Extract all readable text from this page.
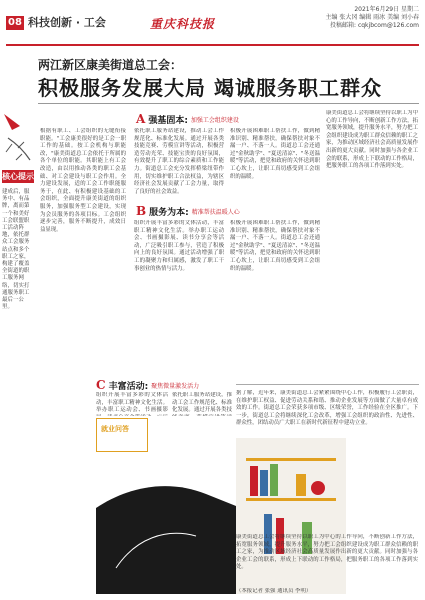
08 科技创新 · 工会	重庆科技报
2021年6月29日 星期二
主编 张大冈 编辑 雨冰 美编 刘小春
投稿邮箱: cqkjbcom@126.com
两江新区康美街道总工会：
积极服务发展大局 竭诚服务职工群众
核心提示
建成后，服务中、有品牌，离而第一个和美好工会联盟职工活动阵地，依托群众工会服务站点和多个职工之家，构建了覆盖全街道的职工服务网络，切实打通服务职工最后一公里。
A 强基固本: 加强工会组织建设
根据有职工、工会组织的无缝衔接职能。"工会康美很好的是工会一职工作的基础。按工会机构与职能改，"康美街道总工会依托于所属的各个单位的职能。其职能上有工会改造，由以用推动各类的职工会基础、对工会建设与职工会作用。全力建设发展，适的工会工作职能服务于，在此、有积极建设基础的工会组织，全面提升康美街道的组织服务，加强服务型工会建设，实现为会员服务的各项目标。工会组织逐步完善，服务不断提升，成效日益显现。
依托职工服务站建设，推动工会工作规范化、标准化发展。通过开展各类技能竞赛、劳模宣讲等活动，积极营造劳动光荣、技能宝贵的良好氛围，有效提升了职工的综合素质和工作能力。街道总工会充分发挥桥梁纽带作用，切实维护职工合法权益，为辖区经济社会发展贡献了工会力量，取得了良好的社会效益。
积极开展困难职工帮扶工作，做到精准识别、精准帮扶，确保帮扶对象不漏一户、不落一人。街道总工会还通过"金秋助学"、"夏送清凉"、"冬送温暖"等活动，把党和政府的关怀送到职工心坎上，让职工真切感受到工会组织的温暖。
B 服务为本: 精准帮扶温暖人心
组织开展丰富多彩的文体活动，丰富职工精神文化生活。举办职工运动会、书画摄影展、读书分享会等活动，广泛吸引职工参与，营造了积极向上的良好氛围。通过活动增强了职工的凝聚力和归属感，激发了职工干事创业的热情与活力。
积极开展困难职工帮扶工作，做到精准识别、精准帮扶，确保帮扶对象不漏一户、不落一人。街道总工会还通过"金秋助学"、"夏送清凉"、"冬送温暖"等活动，把党和政府的关怀送到职工心坎上，让职工真切感受到工会组织的温暖。
康美街道总工会将继续坚持以职工为中心的工作导向，不断创新工作方法，拓宽服务领域，提升服务水平，努力把工会组织建设成为职工群众信赖的职工之家，为推动区域经济社会高质量发展作出新的更大贡献。同时加强与各企业工会的联系，形成上下联动的工作格局，把服务职工的各项工作落到实处。
C 丰富活动: 聚焦微量激发活力
组织开展丰富多彩的文体活动，丰富职工精神文化生活。举办职工运动会、书画摄影
依托职工服务站建设，推动工会工作规范化、标准化发展。通过开展各类技
就业问答
问：职工入会需要办理哪些手续？答：填写入会申请书即可。
据了解，近年来，康美街道总工会紧紧围绕中心工作，积极履行工会职责，在维护职工权益、促进劳动关系和谐、推动企业发展等方面做了大量卓有成效的工作。街道总工会荣获多项市级、区级荣誉，工作经验在全区推广。下一步，街道总工会将继续深化工会改革，增强工会组织的政治性、先进性、群众性，团结动员广大职工在新时代新征程中建功立业。
康美街道总工会将继续坚持以职工为中心的工作导向，不断创新工作方法，拓宽服务领域，提升服务水平，努力把工会组织建设成为职工群众信赖的职工之家，为推动区域经济社会高质量发展作出新的更大贡献。同时加强与各企业工会的联系，形成上下联动的工作格局，把服务职工的各项工作落到实处。
（本报记者 张强 通讯员 李明）
